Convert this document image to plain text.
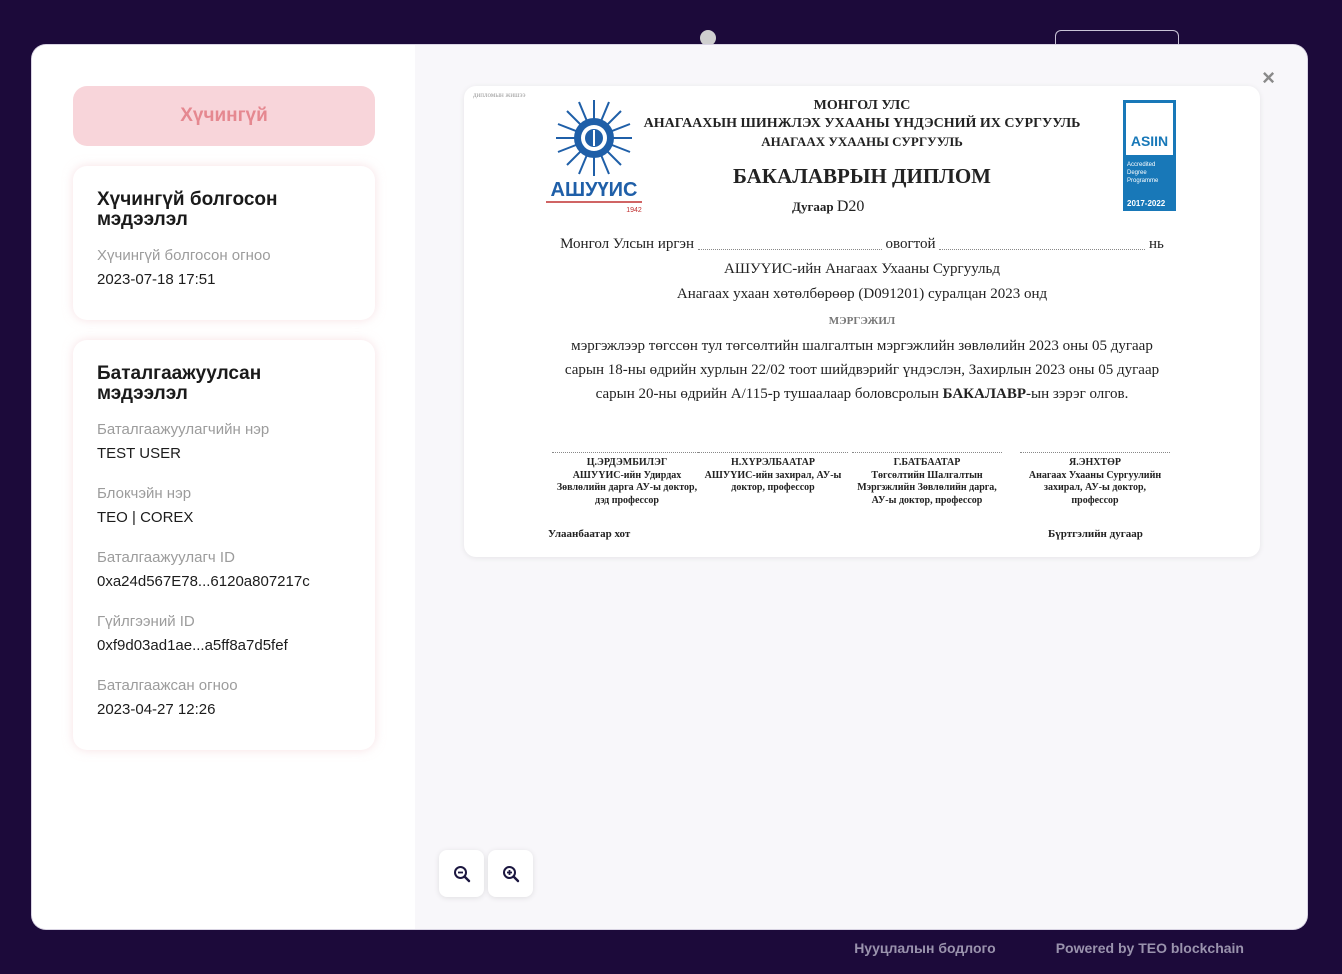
Хүчингүй
Хүчингүй болгосон мэдээлэл
Хүчингүй болгосон огноо
2023-07-18 17:51
Баталгаажуулсан мэдээлэл
Баталгаажуулагчийн нэр
TEST USER
Блокчэйн нэр
TEO | COREX
Баталгаажуулагч ID
0xa24d567E78...6120a807217c
Гүйлгээний ID
0xf9d03ad1ae...a5ff8a7d5fef
Баталгаажсан огноо
2023-04-27 12:26
×
дипломын жишээ
АШУҮИС
1942
ASIIN
Accredited Degree Programme
2017-2022
МОНГОЛ УЛС
АНАГААХЫН ШИНЖЛЭХ УХААНЫ ҮНДЭСНИЙ ИХ СУРГУУЛЬ
АНАГААХ УХААНЫ СУРГУУЛЬ
БАКАЛАВРЫН ДИПЛОМ
Дугаар D20
Монгол Улсын иргэн	овогтой	нь
АШУҮИС-ийн Анагаах Ухааны Сургуульд
Анагаах ухаан хөтөлбөрөөр (D091201) суралцан 2023 онд
МЭРГЭЖИЛ
мэргэжлээр төгссөн тул төгсөлтийн шалгалтын мэргэжлийн зөвлөлийн 2023 оны 05 дугаар
сарын 18-ны өдрийн хурлын 22/02 тоот шийдвэрийг үндэслэн, Захирлын 2023 оны 05 дугаар
сарын 20-ны өдрийн А/115-р тушаалаар боловсролын БАКАЛАВР-ын зэрэг олгов.
Ц.ЭРДЭМБИЛЭГ
АШУҮИС-ийн Удирдах Зөвлөлийн дарга АУ-ы доктор, дэд профессор
Н.ХҮРЭЛБААТАР
АШУҮИС-ийн захирал, АУ-ы доктор, профессор
Г.БАТБААТАР
Төгсөлтийн Шалгалтын Мэргэжлийн Зөвлөлийн дарга, АУ-ы доктор, профессор
Я.ЭНХТӨР
Анагаах Ухааны Сургуулийн захирал, АУ-ы доктор, профессор
Улаанбаатар хот	Бүртгэлийн дугаар
Нууцлалын бодлого	Powered by TEO blockchain
